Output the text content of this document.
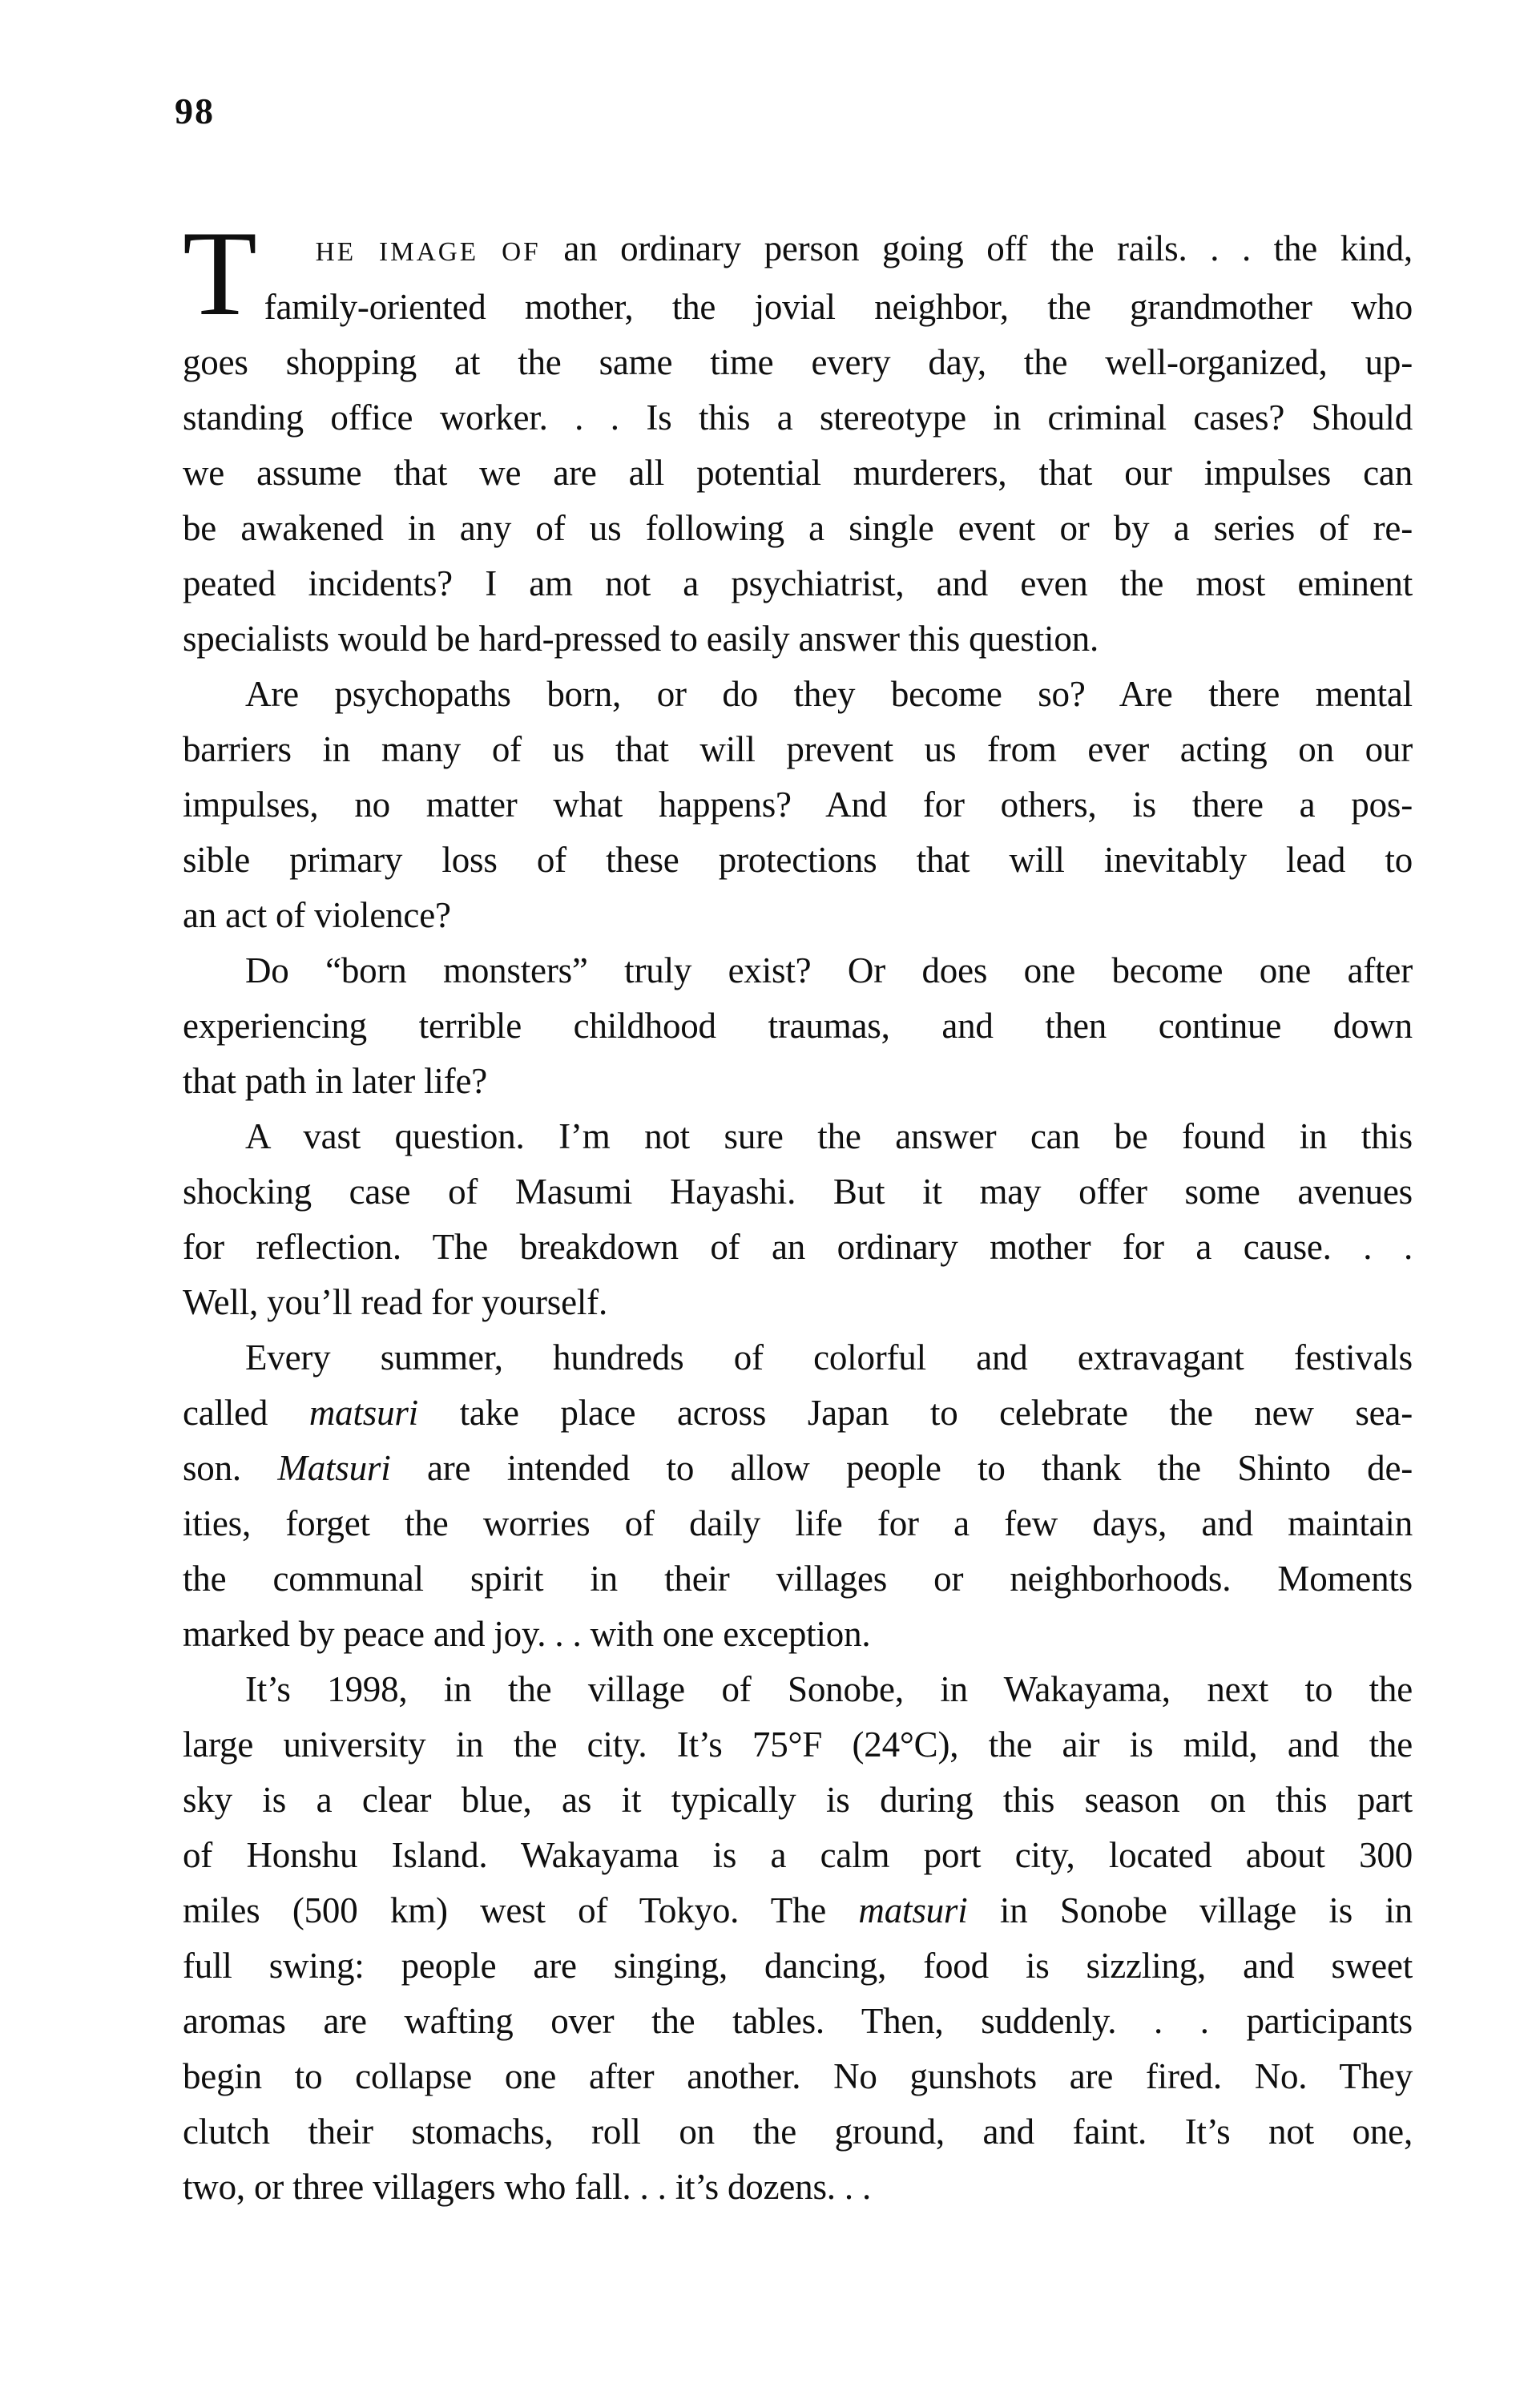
98
T	HE IMAGE OF an ordinary person going off the rails. . . the kind,
family-oriented mother, the jovial neighbor, the grandmother who
goes shopping at the same time every day, the well-organized, up-
standing office worker. . . Is this a stereotype in criminal cases? Should
we assume that we are all potential murderers, that our impulses can
be awakened in any of us following a single event or by a series of re-
peated incidents? I am not a psychiatrist, and even the most eminent
specialists would be hard-pressed to easily answer this question.
Are psychopaths born, or do they become so? Are there mental
barriers in many of us that will prevent us from ever acting on our
impulses, no matter what happens? And for others, is there a pos-
sible primary loss of these protections that will inevitably lead to
an act of violence?
Do “born monsters” truly exist? Or does one become one after
experiencing terrible childhood traumas, and then continue down
that path in later life?
A vast question. I’m not sure the answer can be found in this
shocking case of Masumi Hayashi. But it may offer some avenues
for reflection. The breakdown of an ordinary mother for a cause. . .
Well, you’ll read for yourself.
Every summer, hundreds of colorful and extravagant festivals
called matsuri take place across Japan to celebrate the new sea-
son. Matsuri are intended to allow people to thank the Shinto de-
ities, forget the worries of daily life for a few days, and maintain
the communal spirit in their villages or neighborhoods. Moments
marked by peace and joy. . . with one exception.
It’s 1998, in the village of Sonobe, in Wakayama, next to the
large university in the city. It’s 75°F (24°C), the air is mild, and the
sky is a clear blue, as it typically is during this season on this part
of Honshu Island. Wakayama is a calm port city, located about 300
miles (500 km) west of Tokyo. The matsuri in Sonobe village is in
full swing: people are singing, dancing, food is sizzling, and sweet
aromas are wafting over the tables. Then, suddenly. . . participants
begin to collapse one after another. No gunshots are fired. No. They
clutch their stomachs, roll on the ground, and faint. It’s not one,
two, or three villagers who fall. . . it’s dozens. . .
